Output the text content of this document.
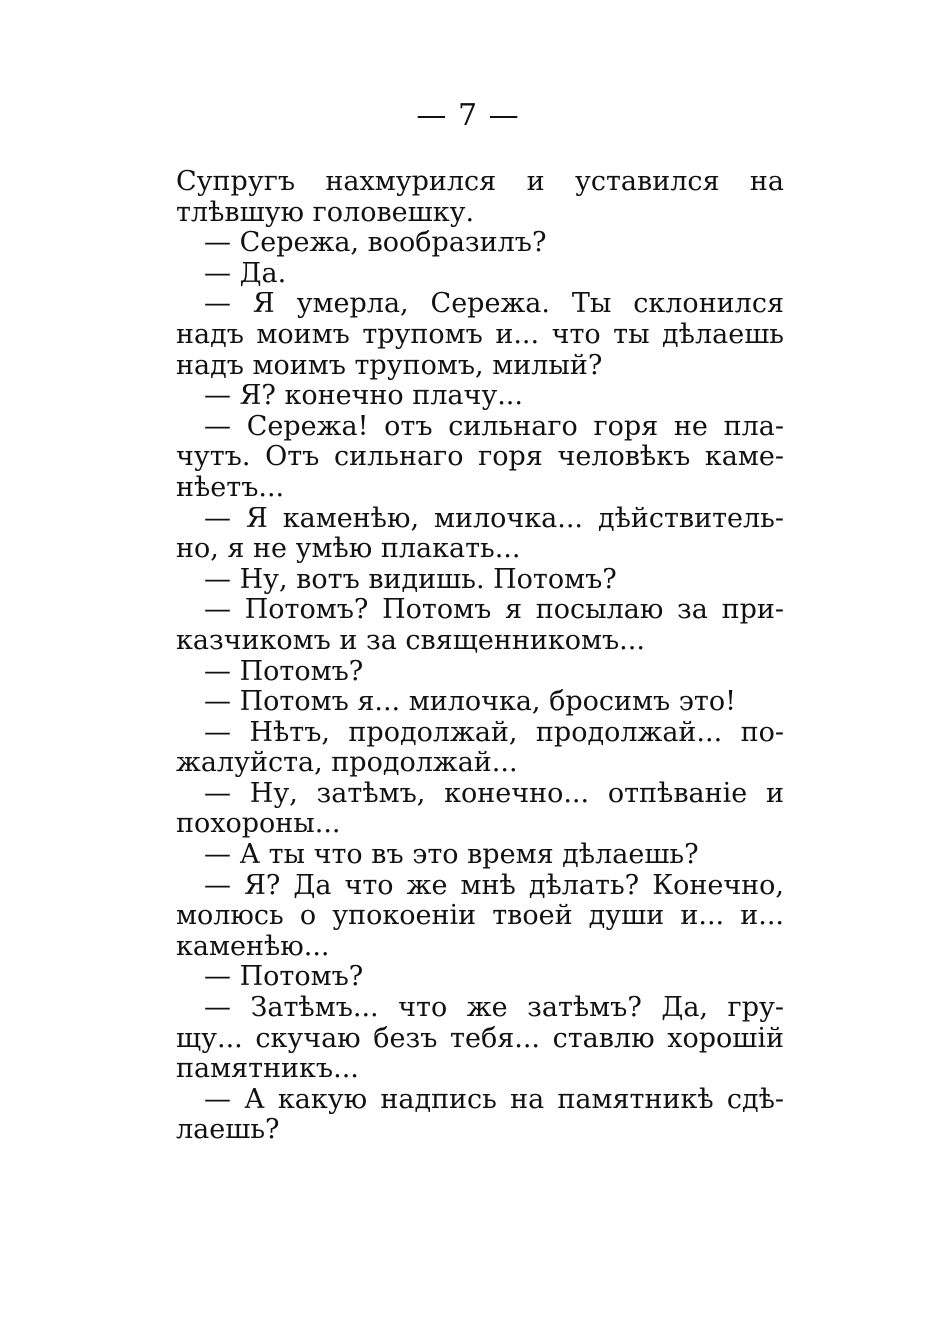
— 7 —
Супругъ нахмурился и уставился на
тлѣвшую головешку.
— Сережа, вообразилъ?
— Да.
— Я умерла, Сережа. Ты склонился
надъ моимъ трупомъ и... что ты дѣлаешь
надъ моимъ трупомъ, милый?
— Я? конечно плачу...
— Сережа! отъ сильнаго горя не пла-
чутъ. Отъ сильнаго горя человѣкъ каме-
нѣетъ...
— Я каменѣю, милочка... дѣйствитель-
но, я не умѣю плакать...
— Ну, вотъ видишь. Потомъ?
— Потомъ? Потомъ я посылаю за при-
казчикомъ и за священникомъ...
— Потомъ?
— Потомъ я... милочка, бросимъ это!
— Нѣтъ, продолжай, продолжай... по-
жалуйста, продолжай...
— Ну, затѣмъ, конечно... отпѣваніе и
похороны...
— А ты что въ это время дѣлаешь?
— Я? Да что же мнѣ дѣлать? Конечно,
молюсь о упокоеніи твоей души и... и...
каменѣю...
— Потомъ?
— Затѣмъ... что же затѣмъ? Да, гру-
щу... скучаю безъ тебя... ставлю хорошій
памятникъ...
— А какую надпись на памятникѣ сдѣ-
лаешь?
